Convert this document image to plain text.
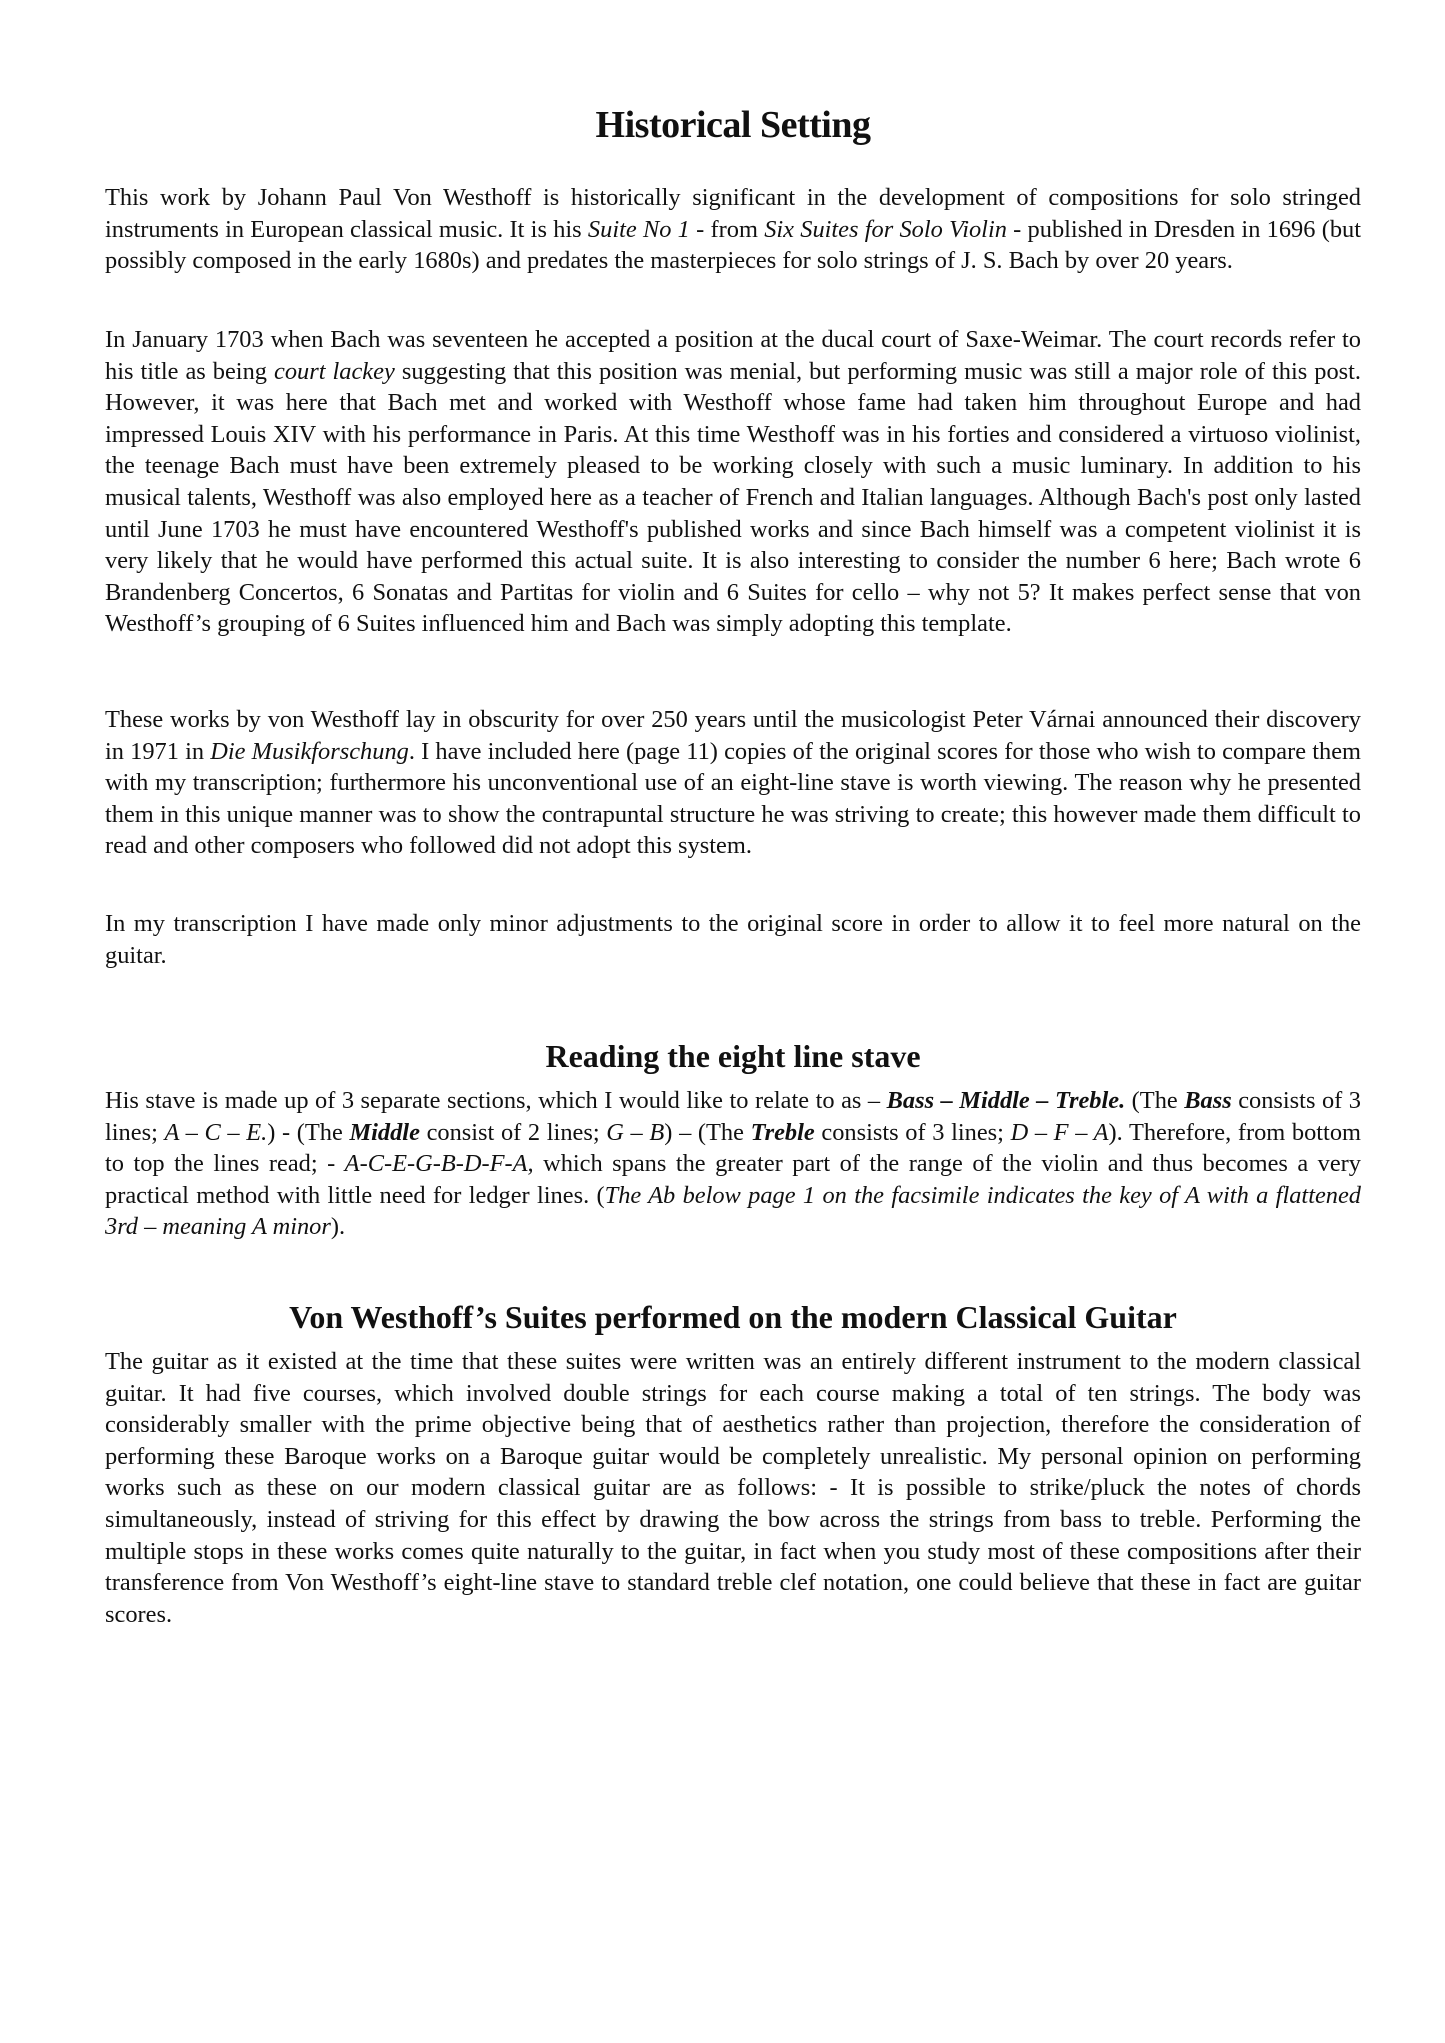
Historical Setting

This work by Johann Paul Von Westhoff is historically significant in the development of compositions for solo stringed instruments in European classical music. It is his Suite No 1 - from Six Suites for Solo Violin - published in Dresden in 1696 (but possibly composed in the early 1680s) and predates the masterpieces for solo strings of J. S. Bach by over 20 years.

In January 1703 when Bach was seventeen he accepted a position at the ducal court of Saxe-Weimar. The court records refer to his title as being court lackey suggesting that this position was menial, but performing music was still a major role of this post. However, it was here that Bach met and worked with Westhoff whose fame had taken him throughout Europe and had impressed Louis XIV with his performance in Paris. At this time Westhoff was in his forties and considered a virtuoso violinist, the teenage Bach must have been extremely pleased to be working closely with such a music luminary. In addition to his musical talents, Westhoff was also employed here as a teacher of French and Italian languages. Although Bach's post only lasted until June 1703 he must have encountered Westhoff's published works and since Bach himself was a competent violinist it is very likely that he would have performed this actual suite. It is also interesting to consider the number 6 here; Bach wrote 6 Brandenberg Concertos, 6 Sonatas and Partitas for violin and 6 Suites for cello – why not 5? It makes perfect sense that von Westhoff’s grouping of 6 Suites influenced him and Bach was simply adopting this template.

These works by von Westhoff lay in obscurity for over 250 years until the musicologist Peter Várnai announced their discovery in 1971 in Die Musikforschung. I have included here (page 11) copies of the original scores for those who wish to compare them with my transcription; furthermore his unconventional use of an eight-line stave is worth viewing. The reason why he presented them in this unique manner was to show the contrapuntal structure he was striving to create; this however made them difficult to read and other composers who followed did not adopt this system.

In my transcription I have made only minor adjustments to the original score in order to allow it to feel more natural on the guitar.

Reading the eight line stave

His stave is made up of 3 separate sections, which I would like to relate to as – Bass – Middle – Treble. (The Bass consists of 3 lines; A – C – E.) - (The Middle consist of 2 lines; G – B) – (The Treble consists of 3 lines; D – F – A). Therefore, from bottom to top the lines read; - A-C-E-G-B-D-F-A, which spans the greater part of the range of the violin and thus becomes a very practical method with little need for ledger lines. (The Ab below page 1 on the facsimile indicates the key of A with a flattened 3rd – meaning A minor).

Von Westhoff’s Suites performed on the modern Classical Guitar

The guitar as it existed at the time that these suites were written was an entirely different instrument to the modern classical guitar. It had five courses, which involved double strings for each course making a total of ten strings. The body was considerably smaller with the prime objective being that of aesthetics rather than projection, therefore the consideration of performing these Baroque works on a Baroque guitar would be completely unrealistic. My personal opinion on performing works such as these on our modern classical guitar are as follows: - It is possible to strike/pluck the notes of chords simultaneously, instead of striving for this effect by drawing the bow across the strings from bass to treble. Performing the multiple stops in these works comes quite naturally to the guitar, in fact when you study most of these compositions after their transference from Von Westhoff’s eight-line stave to standard treble clef notation, one could believe that these in fact are guitar scores.
